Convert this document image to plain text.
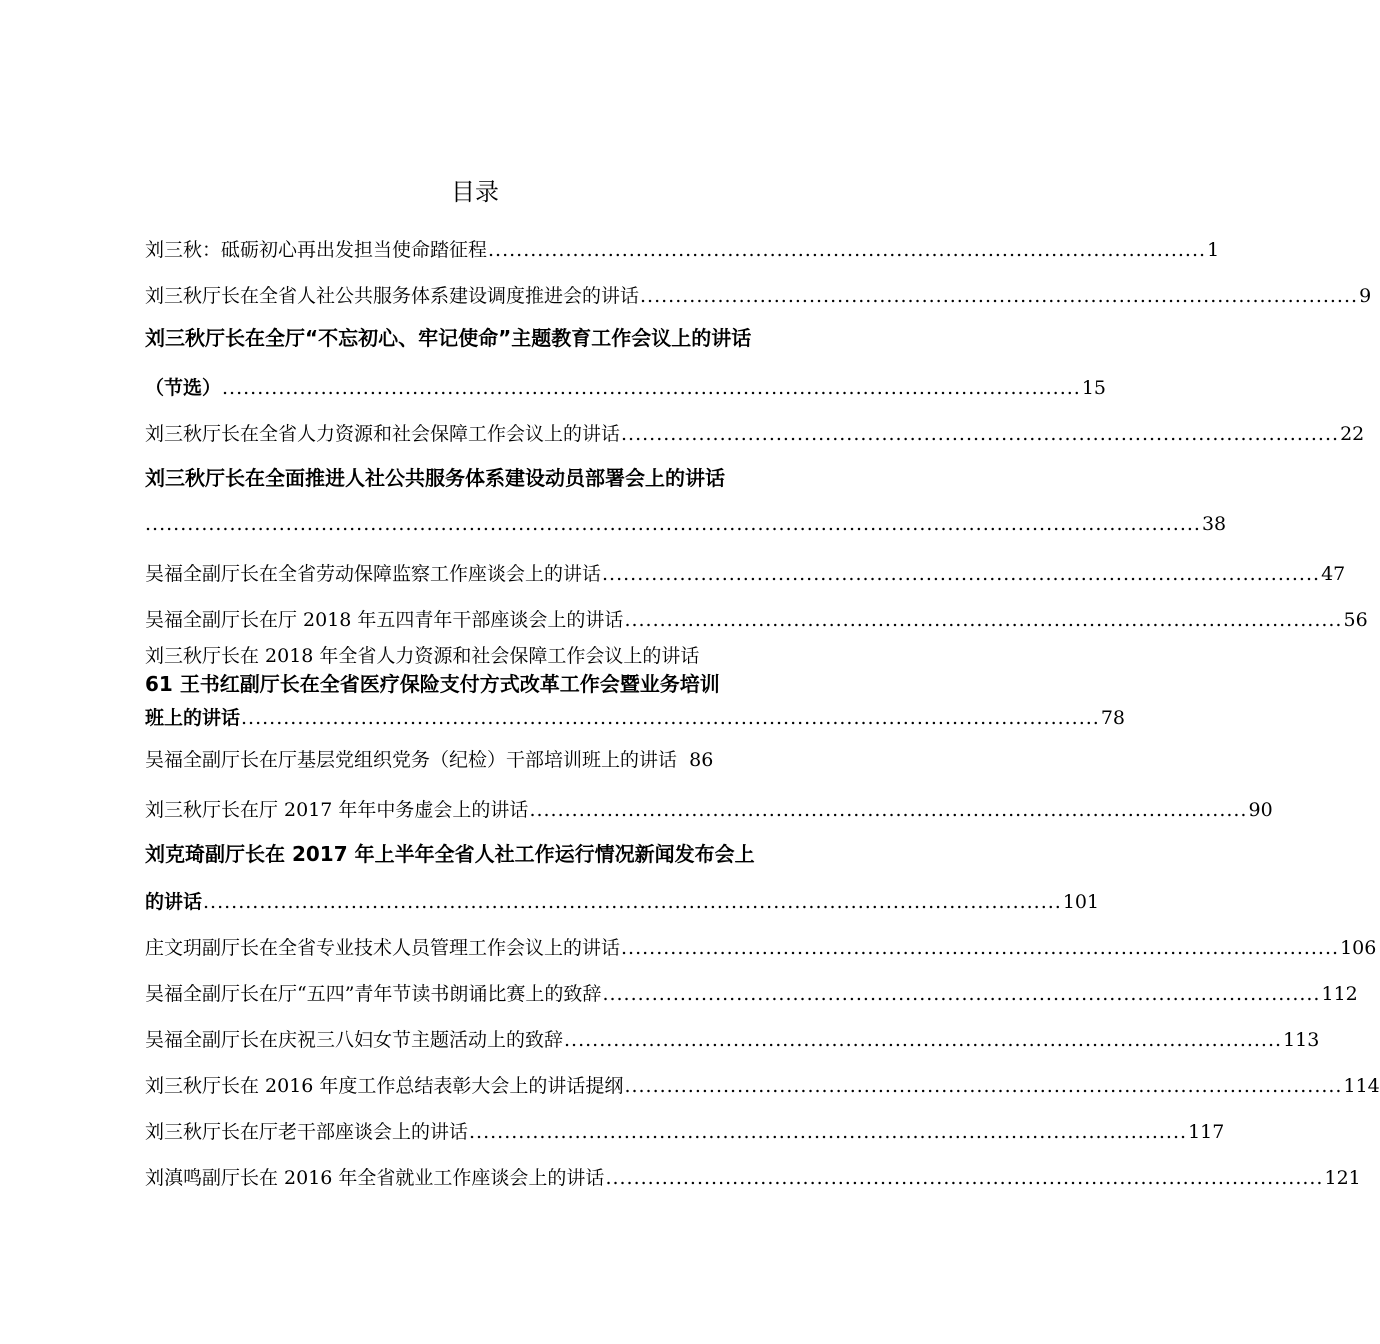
目录
刘三秋：砥砺初心再出发担当使命踏征程 ...................................................................................................... 1
刘三秋厅长在全省人社公共服务体系建设调度推进会的讲话 ...................................................................................................... 9
刘三秋厅长在全厅“不忘初心、牢记使命”主题教育工作会议上的讲话
（节选） .......................................................................................................................... 15
刘三秋厅长在全省人力资源和社会保障工作会议上的讲话 ...................................................................................................... 22
刘三秋厅长在全面推进人社公共服务体系建设动员部署会上的讲话
...................................................................................................................................................... 38
吴福全副厅长在全省劳动保障监察工作座谈会上的讲话 ...................................................................................................... 47
吴福全副厅长在厅 2018 年五四青年干部座谈会上的讲话 ...................................................................................................... 56
刘三秋厅长在 2018 年全省人力资源和社会保障工作会议上的讲话
61 王书红副厅长在全省医疗保险支付方式改革工作会暨业务培训
班上的讲话 .......................................................................................................................... 78
吴福全副厅长在厅基层党组织党务（纪检）干部培训班上的讲话 86
刘三秋厅长在厅 2017 年年中务虚会上的讲话 ...................................................................................................... 90
刘克琦副厅长在 2017 年上半年全省人社工作运行情况新闻发布会上
的讲话 .......................................................................................................................... 101
庄文玥副厅长在全省专业技术人员管理工作会议上的讲话 ...................................................................................................... 106
吴福全副厅长在厅“五四”青年节读书朗诵比赛上的致辞 ...................................................................................................... 112
吴福全副厅长在庆祝三八妇女节主题活动上的致辞 ...................................................................................................... 113
刘三秋厅长在 2016 年度工作总结表彰大会上的讲话提纲 ...................................................................................................... 114
刘三秋厅长在厅老干部座谈会上的讲话 ...................................................................................................... 117
刘滇鸣副厅长在 2016 年全省就业工作座谈会上的讲话 ...................................................................................................... 121
